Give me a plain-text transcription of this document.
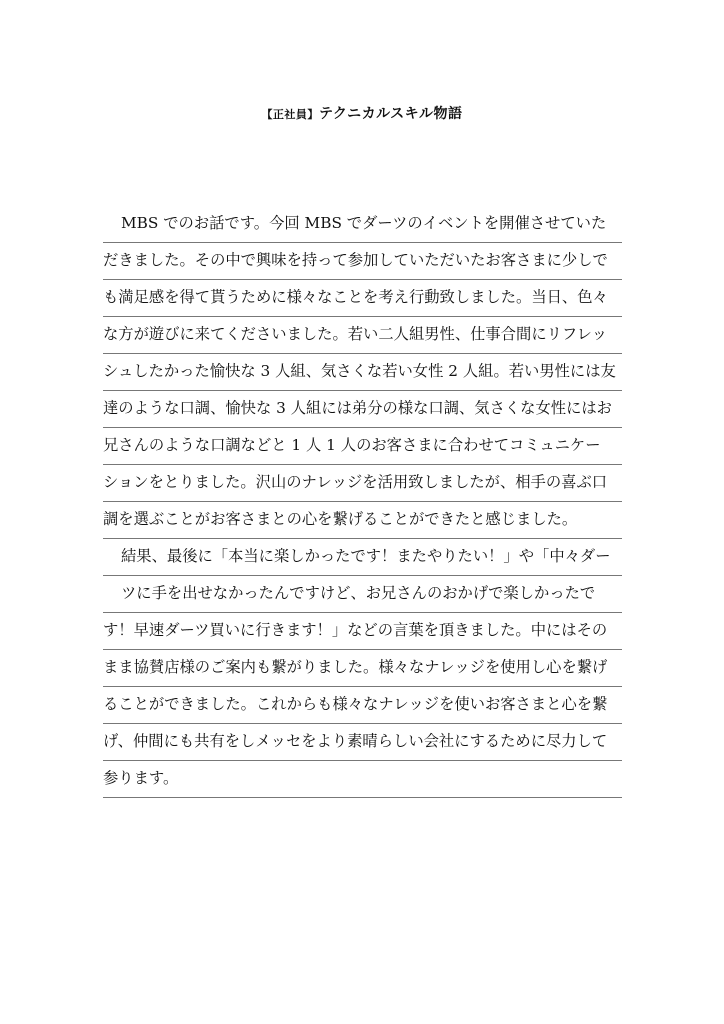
【正社員】テクニカルスキル物語
MBS でのお話です。今回 MBS でダーツのイベントを開催させていた
だきました。その中で興味を持って参加していただいたお客さまに少しで
も満足感を得て貰うために様々なことを考え行動致しました。当日、色々
な方が遊びに来てくださいました。若い二人組男性、仕事合間にリフレッ
シュしたかった愉快な 3 人組、気さくな若い女性 2 人組。若い男性には友
達のような口調、愉快な 3 人組には弟分の様な口調、気さくな女性にはお
兄さんのような口調などと 1 人 1 人のお客さまに合わせてコミュニケー
ションをとりました。沢山のナレッジを活用致しましたが、相手の喜ぶ口
調を選ぶことがお客さまとの心を繋げることができたと感じました。
結果、最後に「本当に楽しかったです！またやりたい！」や「中々ダー
ツに手を出せなかったんですけど、お兄さんのおかげで楽しかったで
す！早速ダーツ買いに行きます！」などの言葉を頂きました。中にはその
まま協賛店様のご案内も繋がりました。様々なナレッジを使用し心を繋げ
ることができました。これからも様々なナレッジを使いお客さまと心を繋
げ、仲間にも共有をしメッセをより素晴らしい会社にするために尽力して
参ります。
